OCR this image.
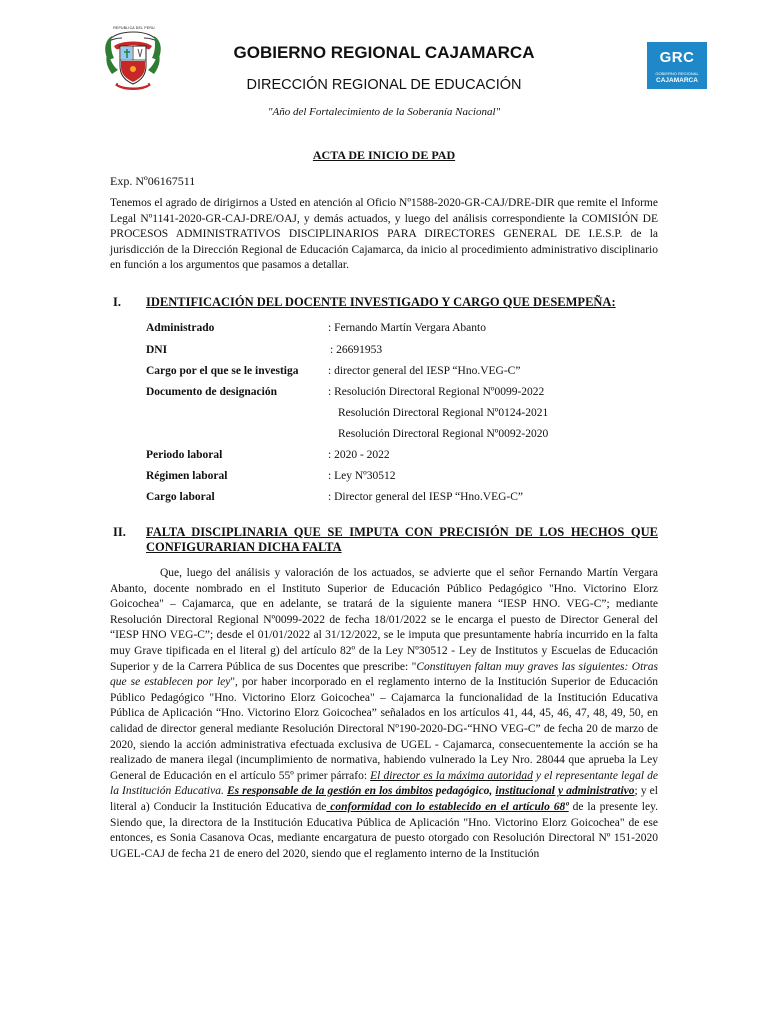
REPUBLICA DEL PERU
GRC
GOBIERNO REGIONAL
CAJAMARCA
GOBIERNO REGIONAL CAJAMARCA
DIRECCIÓN REGIONAL DE EDUCACIÓN
"Año del Fortalecimiento de la Soberanía Nacional"
ACTA DE INICIO DE PAD
Exp. Nº06167511
Tenemos el agrado de dirigirnos a Usted en atención al Oficio Nº1588-2020-GR-CAJ/DRE-DIR que remite el Informe Legal Nº1141-2020-GR-CAJ-DRE/OAJ, y demás actuados, y luego del análisis correspondiente la COMISIÓN DE PROCESOS ADMINISTRATIVOS DISCIPLINARIOS PARA DIRECTORES GENERAL DE I.E.S.P. de la jurisdicción de la Dirección Regional de Educación Cajamarca, da inicio al procedimiento administrativo disciplinario en función a los argumentos que pasamos a detallar.
I. IDENTIFICACIÓN DEL DOCENTE INVESTIGADO Y CARGO QUE DESEMPEÑA:
Administrado	: Fernando Martín Vergara Abanto
DNI	: 26691953
Cargo por el que se le investiga	: director general del IESP “Hno.VEG-C”
Documento de designación	: Resolución Directoral Regional Nº0099-2022
Resolución Directoral Regional Nº0124-2021
Resolución Directoral Regional Nº0092-2020
Periodo laboral	: 2020 - 2022
Régimen laboral	: Ley Nº30512
Cargo laboral	: Director general del IESP “Hno.VEG-C”
II. FALTA DISCIPLINARIA QUE SE IMPUTA CON PRECISIÓN DE LOS HECHOS QUE CONFIGURARIAN DICHA FALTA
Que, luego del análisis y valoración de los actuados, se advierte que el señor Fernando Martín Vergara Abanto, docente nombrado en el Instituto Superior de Educación Público Pedagógico "Hno. Victorino Elorz Goicochea" – Cajamarca, que en adelante, se tratará de la siguiente manera “IESP HNO. VEG-C”; mediante Resolución Directoral Regional Nº0099-2022 de fecha 18/01/2022 se le encarga el puesto de Director General del “IESP HNO VEG-C”; desde el 01/01/2022 al 31/12/2022, se le imputa que presuntamente habría incurrido en la falta muy Grave tipificada en el literal g) del artículo 82º de la Ley Nº30512 - Ley de Institutos y Escuelas de Educación Superior y de la Carrera Pública de sus Docentes que prescribe: "Constituyen faltan muy graves las siguientes: Otras que se establecen por ley", por haber incorporado en el reglamento interno de la Institución Superior de Educación Público Pedagógico "Hno. Victorino Elorz Goicochea" – Cajamarca la funcionalidad de la Institución Educativa Pública de Aplicación “Hno. Victorino Elorz Goicochea” señalados en los artículos 41, 44, 45, 46, 47, 48, 49, 50, en calidad de director general mediante Resolución Directoral Nº190-2020-DG-“HNO VEG-C” de fecha 20 de marzo de 2020, siendo la acción administrativa efectuada exclusiva de UGEL - Cajamarca, consecuentemente la acción se ha realizado de manera ilegal (incumplimiento de normativa, habiendo vulnerado la Ley Nro. 28044 que aprueba la Ley General de Educación en el artículo 55º primer párrafo: El director es la máxima autoridad y el representante legal de la Institución Educativa. Es responsable de la gestión en los ámbitos pedagógico, institucional y administrativo; y el literal a) Conducir la Institución Educativa de conformidad con lo establecido en el artículo 68º de la presente ley. Siendo que, la directora de la Institución Educativa Pública de Aplicación "Hno. Victorino Elorz Goicochea" de ese entonces, es Sonia Casanova Ocas, mediante encargatura de puesto otorgado con Resolución Directoral Nº 151-2020 UGEL-CAJ de fecha 21 de enero del 2020, siendo que el reglamento interno de la Institución
